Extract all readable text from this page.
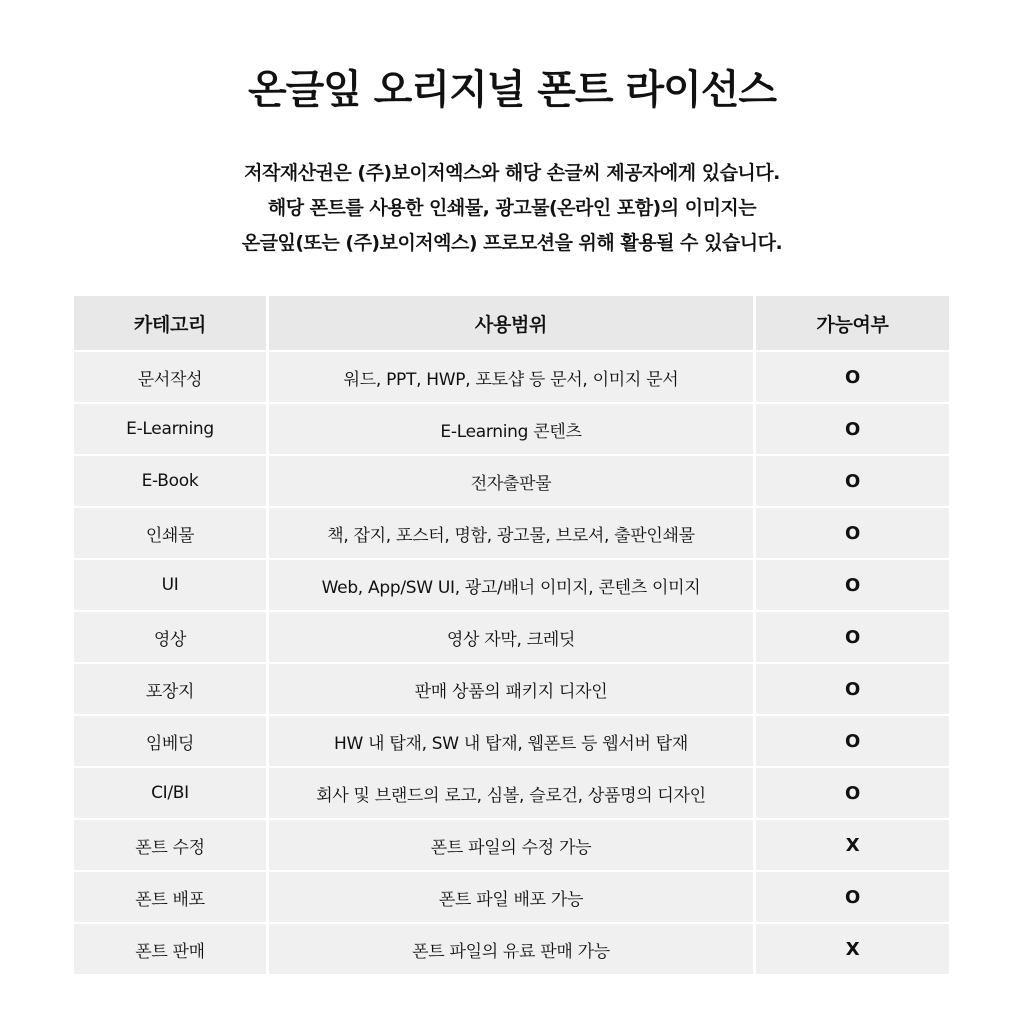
온글잎 오리지널 폰트 라이선스
저작재산권은 (주)보이저엑스와 해당 손글씨 제공자에게 있습니다.
해당 폰트를 사용한 인쇄물, 광고물(온라인 포함)의 이미지는
온글잎(또는 (주)보이저엑스) 프로모션을 위해 활용될 수 있습니다.
카테고리	사용범위	가능여부
문서작성	워드, PPT, HWP, 포토샵 등 문서, 이미지 문서	O
E-Learning	E-Learning 콘텐츠	O
E-Book	전자출판물	O
인쇄물	책, 잡지, 포스터, 명함, 광고물, 브로셔, 출판인쇄물	O
UI	Web, App/SW UI, 광고/배너 이미지, 콘텐츠 이미지	O
영상	영상 자막, 크레딧	O
포장지	판매 상품의 패키지 디자인	O
임베딩	HW 내 탑재, SW 내 탑재, 웹폰트 등 웹서버 탑재	O
CI/BI	회사 및 브랜드의 로고, 심볼, 슬로건, 상품명의 디자인	O
폰트 수정	폰트 파일의 수정 가능	X
폰트 배포	폰트 파일 배포 가능	O
폰트 판매	폰트 파일의 유료 판매 가능	X
